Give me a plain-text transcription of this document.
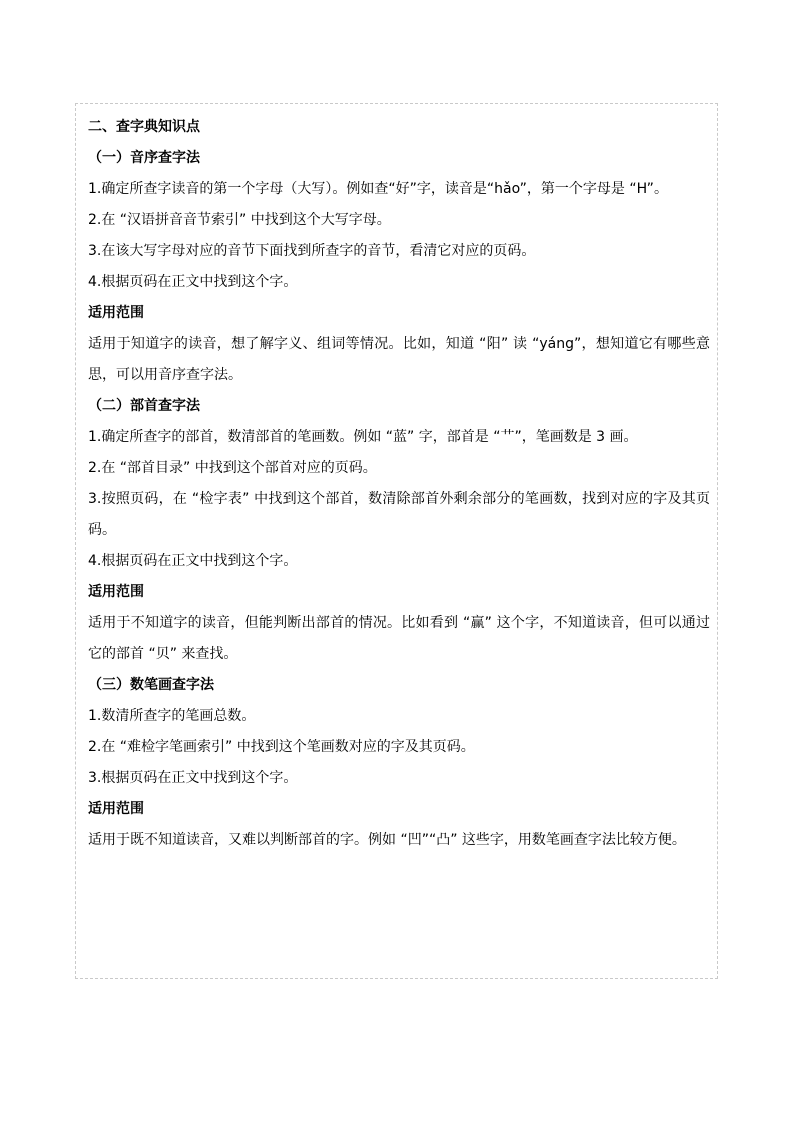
二、查字典知识点
（一）音序查字法
1.确定所查字读音的第一个字母（大写）。例如查“好”字，读音是“hǎo”，第一个字母是 “H”。
2.在 “汉语拼音音节索引” 中找到这个大写字母。
3.在该大写字母对应的音节下面找到所查字的音节，看清它对应的页码。
4.根据页码在正文中找到这个字。
适用范围
适用于知道字的读音，想了解字义、组词等情况。比如，知道 “阳” 读 “yáng”，想知道它有哪些意思，可以用音序查字法。
（二）部首查字法
1.确定所查字的部首，数清部首的笔画数。例如 “蓝” 字，部首是 “艹”，笔画数是 3 画。
2.在 “部首目录” 中找到这个部首对应的页码。
3.按照页码，在 “检字表” 中找到这个部首，数清除部首外剩余部分的笔画数，找到对应的字及其页码。
4.根据页码在正文中找到这个字。
适用范围
适用于不知道字的读音，但能判断出部首的情况。比如看到 “赢” 这个字，不知道读音，但可以通过它的部首 “贝” 来查找。
（三）数笔画查字法
1.数清所查字的笔画总数。
2.在 “难检字笔画索引” 中找到这个笔画数对应的字及其页码。
3.根据页码在正文中找到这个字。
适用范围
适用于既不知道读音，又难以判断部首的字。例如 “凹”“凸” 这些字，用数笔画查字法比较方便。
